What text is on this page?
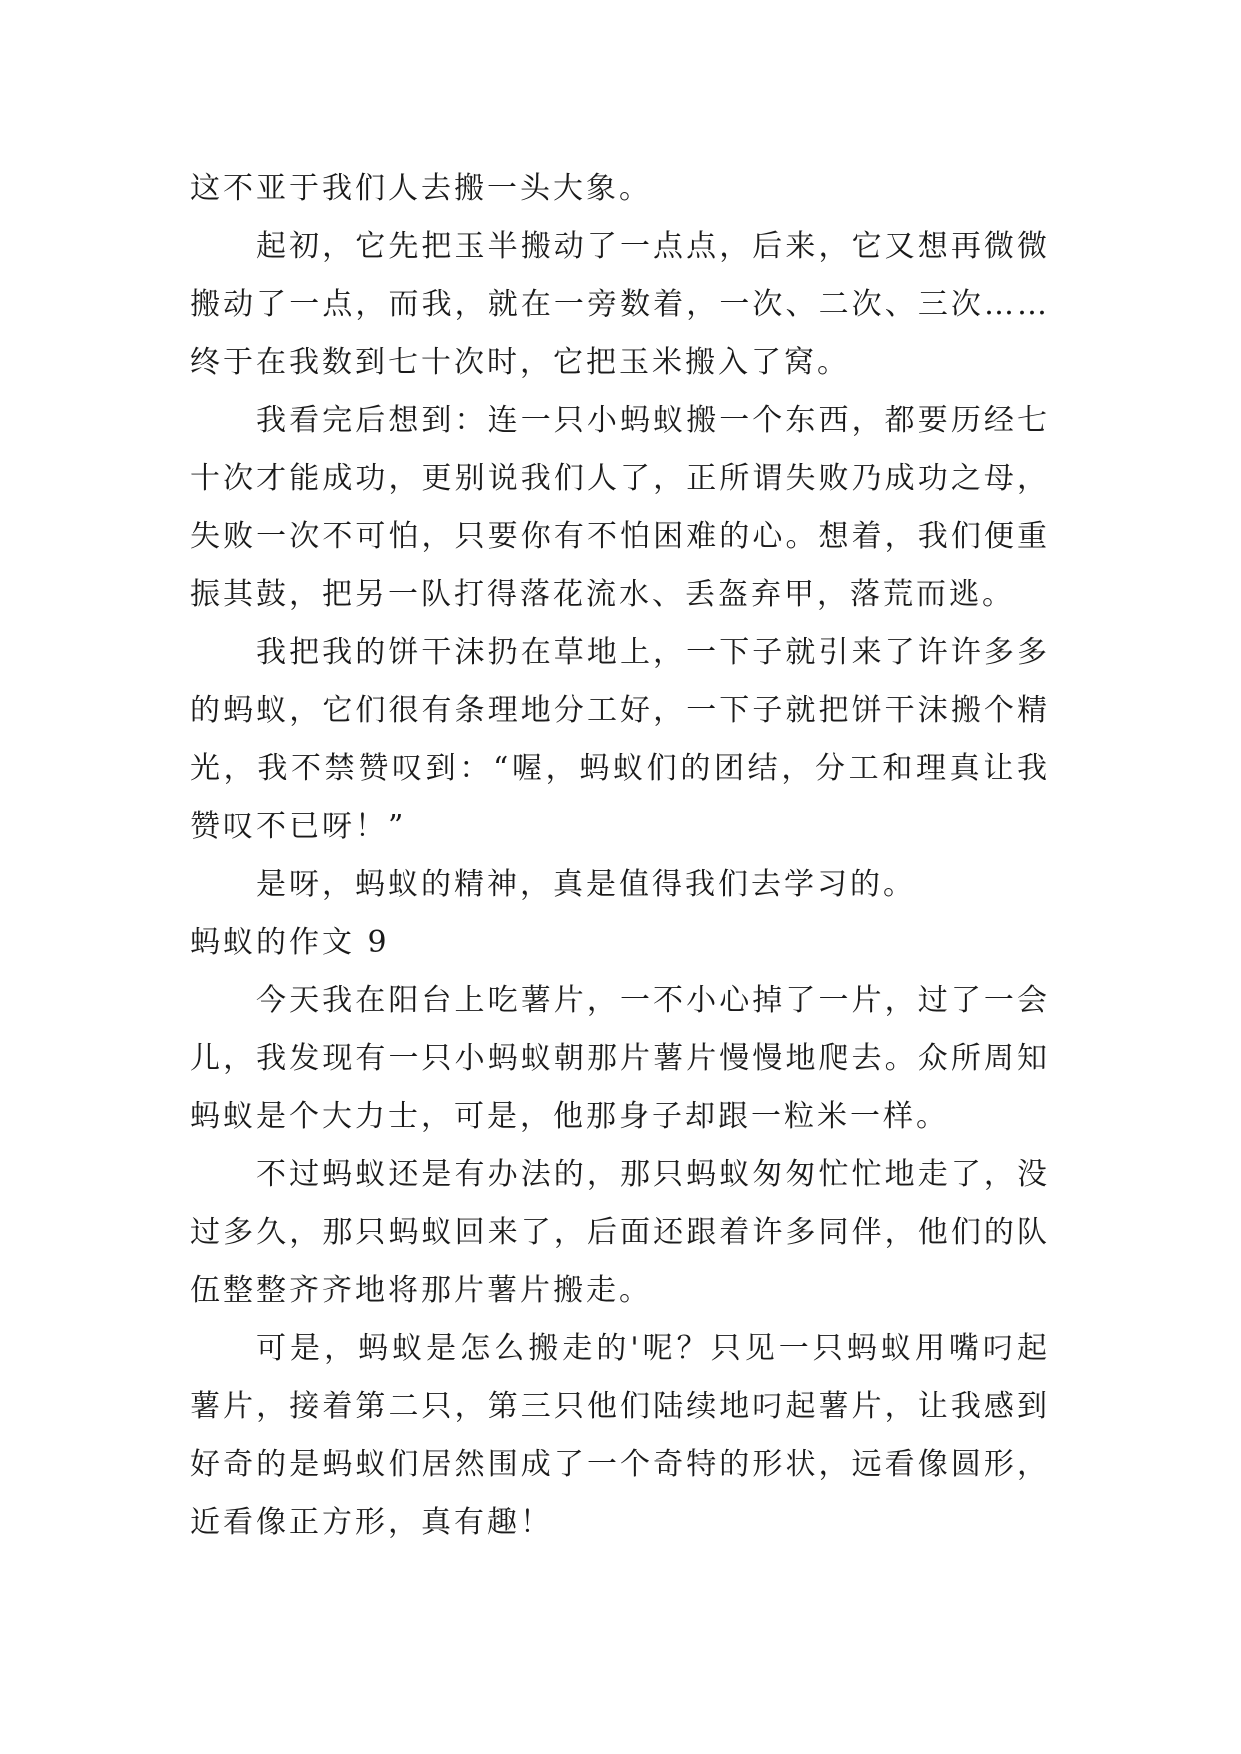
这不亚于我们人去搬一头大象。

起初，它先把玉半搬动了一点点，后来，它又想再微微搬动了一点，而我，就在一旁数着，一次、二次、三次……终于在我数到七十次时，它把玉米搬入了窝。

我看完后想到：连一只小蚂蚁搬一个东西，都要历经七十次才能成功，更别说我们人了，正所谓失败乃成功之母，失败一次不可怕，只要你有不怕困难的心。想着，我们便重振其鼓，把另一队打得落花流水、丢盔弃甲，落荒而逃。

我把我的饼干沫扔在草地上，一下子就引来了许许多多的蚂蚁，它们很有条理地分工好，一下子就把饼干沫搬个精光，我不禁赞叹到：“喔，蚂蚁们的团结，分工和理真让我赞叹不已呀！”

是呀，蚂蚁的精神，真是值得我们去学习的。

蚂蚁的作文 9

今天我在阳台上吃薯片，一不小心掉了一片，过了一会儿，我发现有一只小蚂蚁朝那片薯片慢慢地爬去。众所周知蚂蚁是个大力士，可是，他那身子却跟一粒米一样。

不过蚂蚁还是有办法的，那只蚂蚁匆匆忙忙地走了，没过多久，那只蚂蚁回来了，后面还跟着许多同伴，他们的队伍整整齐齐地将那片薯片搬走。

可是，蚂蚁是怎么搬走的'呢？只见一只蚂蚁用嘴叼起薯片，接着第二只，第三只他们陆续地叼起薯片，让我感到好奇的是蚂蚁们居然围成了一个奇特的形状，远看像圆形，近看像正方形，真有趣！
